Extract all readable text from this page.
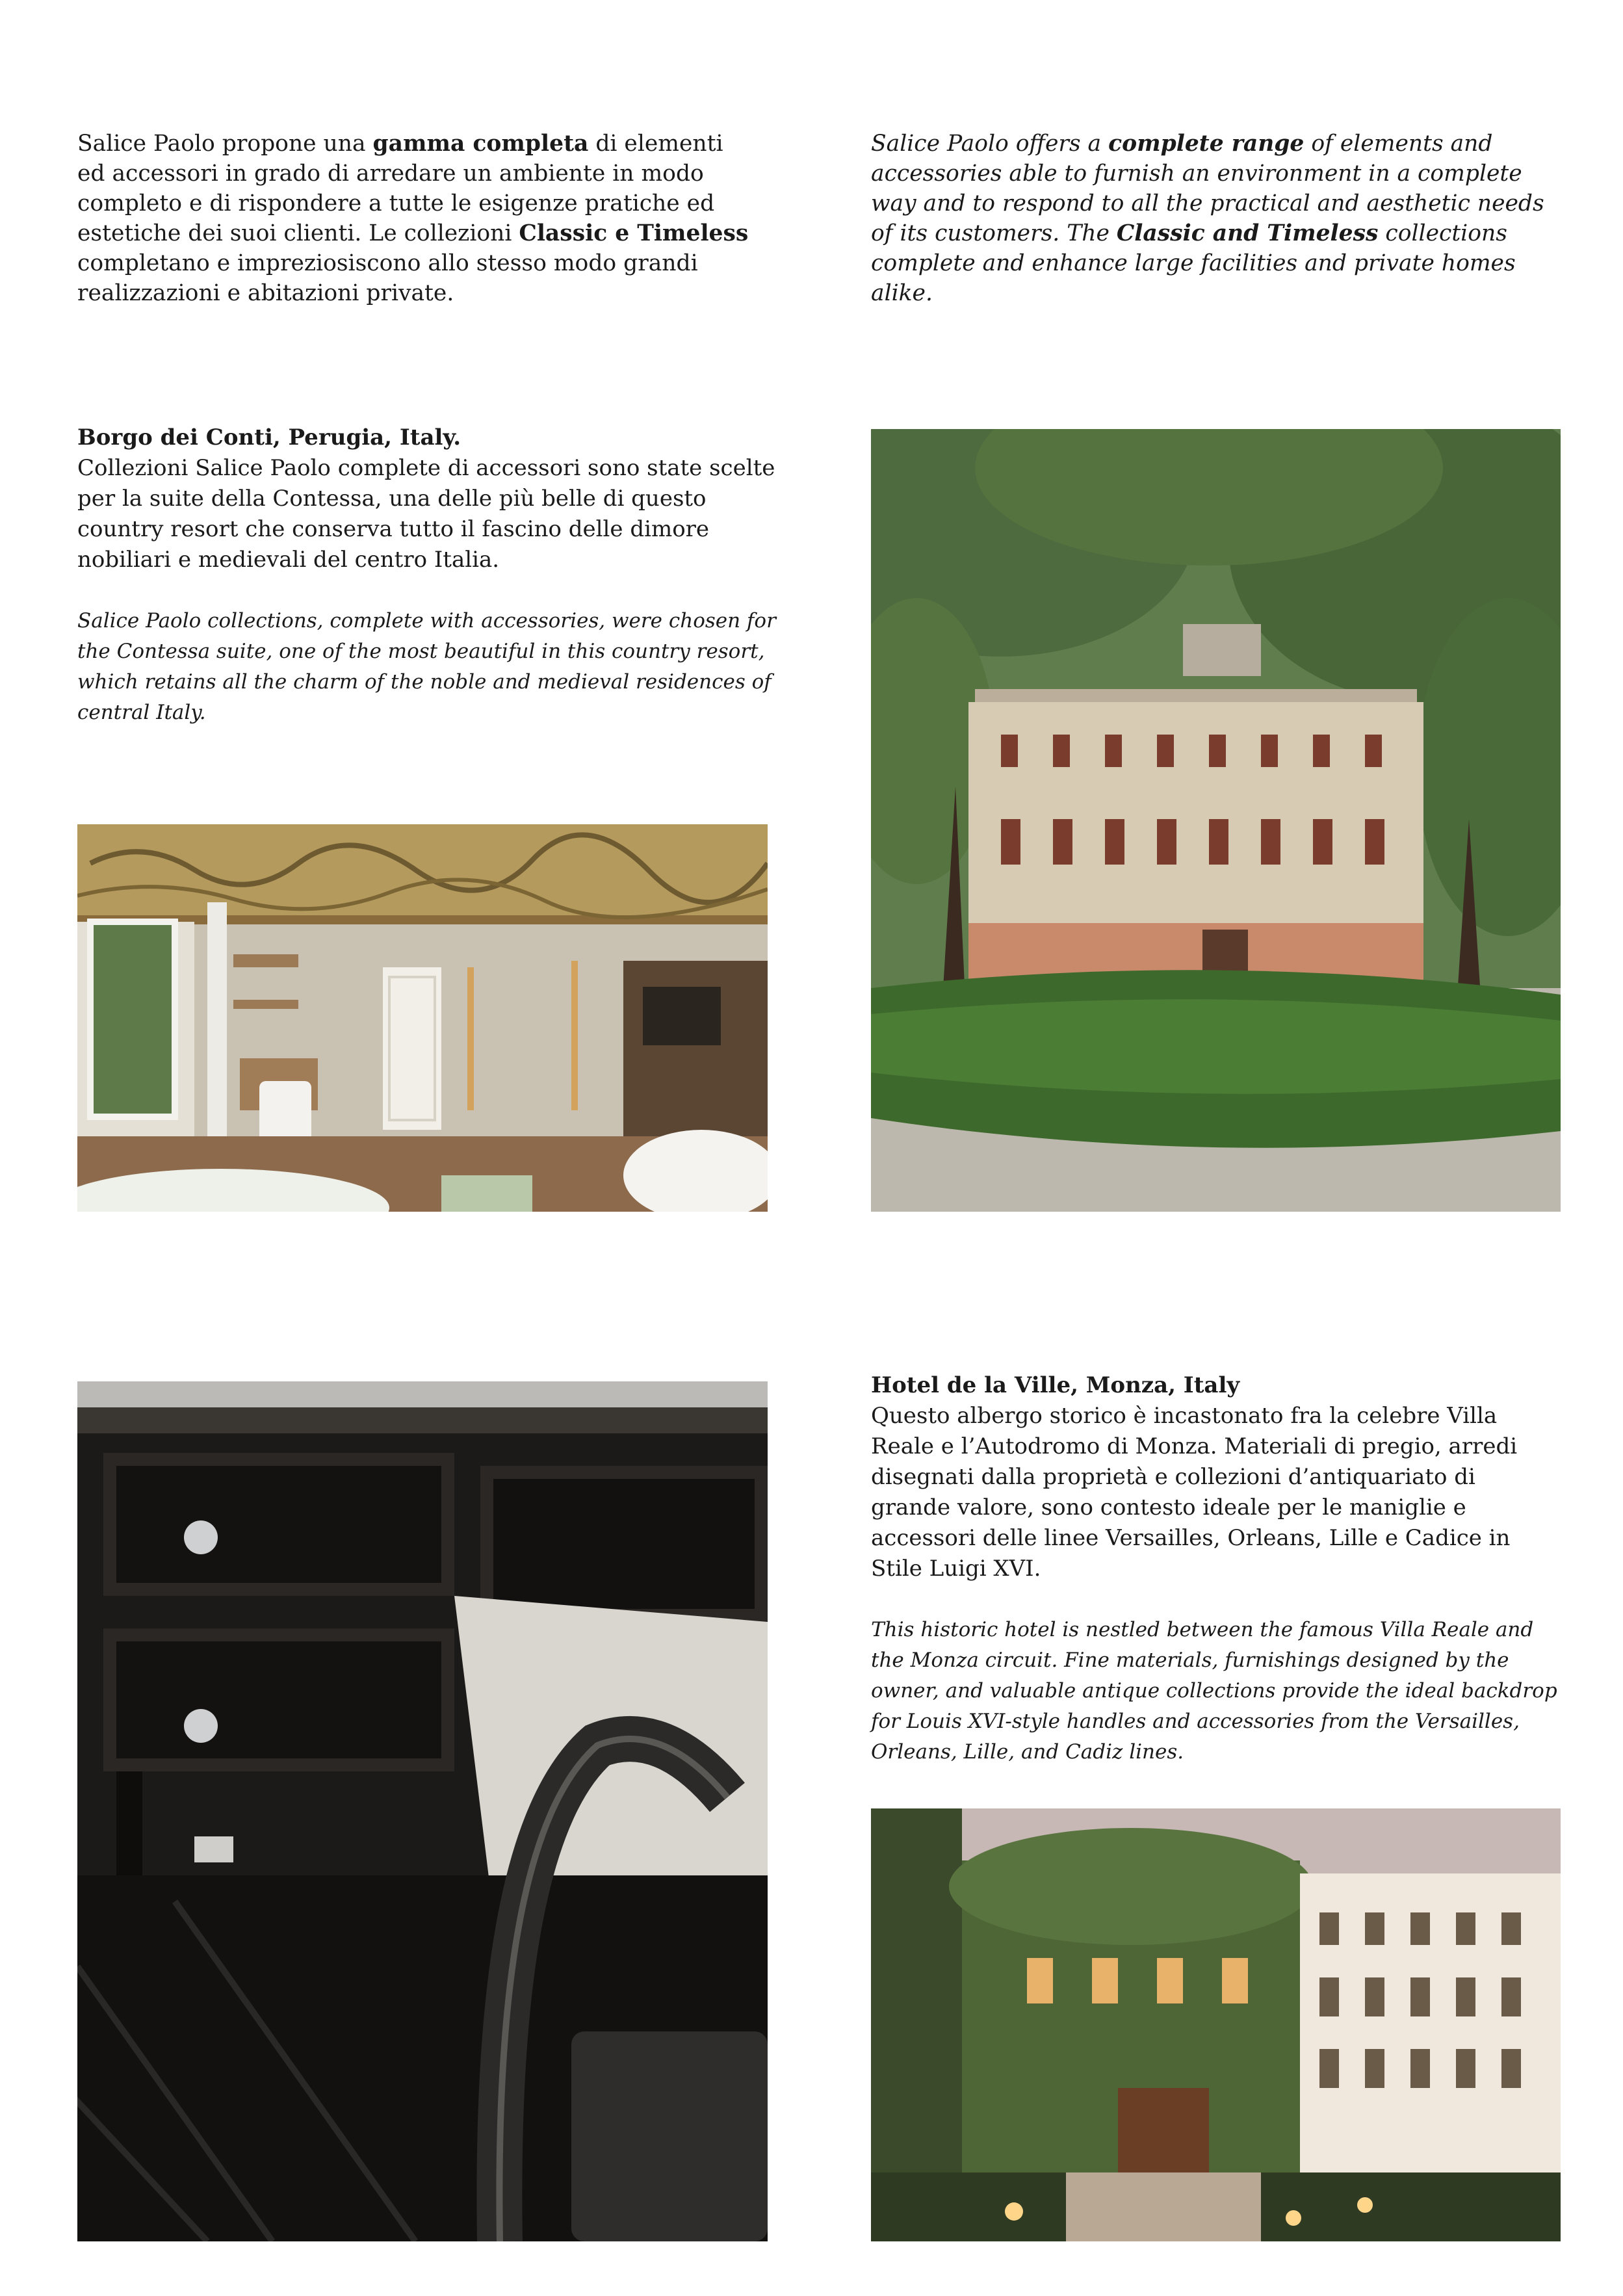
Salice Paolo propone una gamma completa di elementi ed accessori in grado di arredare un ambiente in modo completo e di rispondere a tutte le esigenze pratiche ed estetiche dei suoi clienti. Le collezioni Classic e Timeless completano e impreziosiscono allo stesso modo grandi realizzazioni e abitazioni private.
Salice Paolo offers a complete range of elements and accessories able to furnish an environment in a complete way and to respond to all the practical and aesthetic needs of its customers. The Classic and Timeless collections complete and enhance large facilities and private homes alike.
Borgo dei Conti, Perugia, Italy.
Collezioni Salice Paolo complete di accessori sono state scelte per la suite della Contessa, una delle più belle di questo country resort che conserva tutto il fascino delle dimore nobiliari e medievali del centro Italia.
Salice Paolo collections, complete with accessories, were chosen for the Contessa suite, one of the most beautiful in this country resort, which retains all the charm of the noble and medieval residences of central Italy.
Hotel de la Ville, Monza, Italy
Questo albergo storico è incastonato fra la celebre Villa Reale e l’Autodromo di Monza. Materiali di pregio, arredi disegnati dalla proprietà e collezioni d’antiquariato di grande valore, sono contesto ideale per le maniglie e accessori delle linee Versailles, Orleans, Lille e Cadice in Stile Luigi XVI.
This historic hotel is nestled between the famous Villa Reale and the Monza circuit. Fine materials, furnishings designed by the owner, and valuable antique collections provide the ideal backdrop for Louis XVI-style handles and accessories from the Versailles, Orleans, Lille, and Cadiz lines.
